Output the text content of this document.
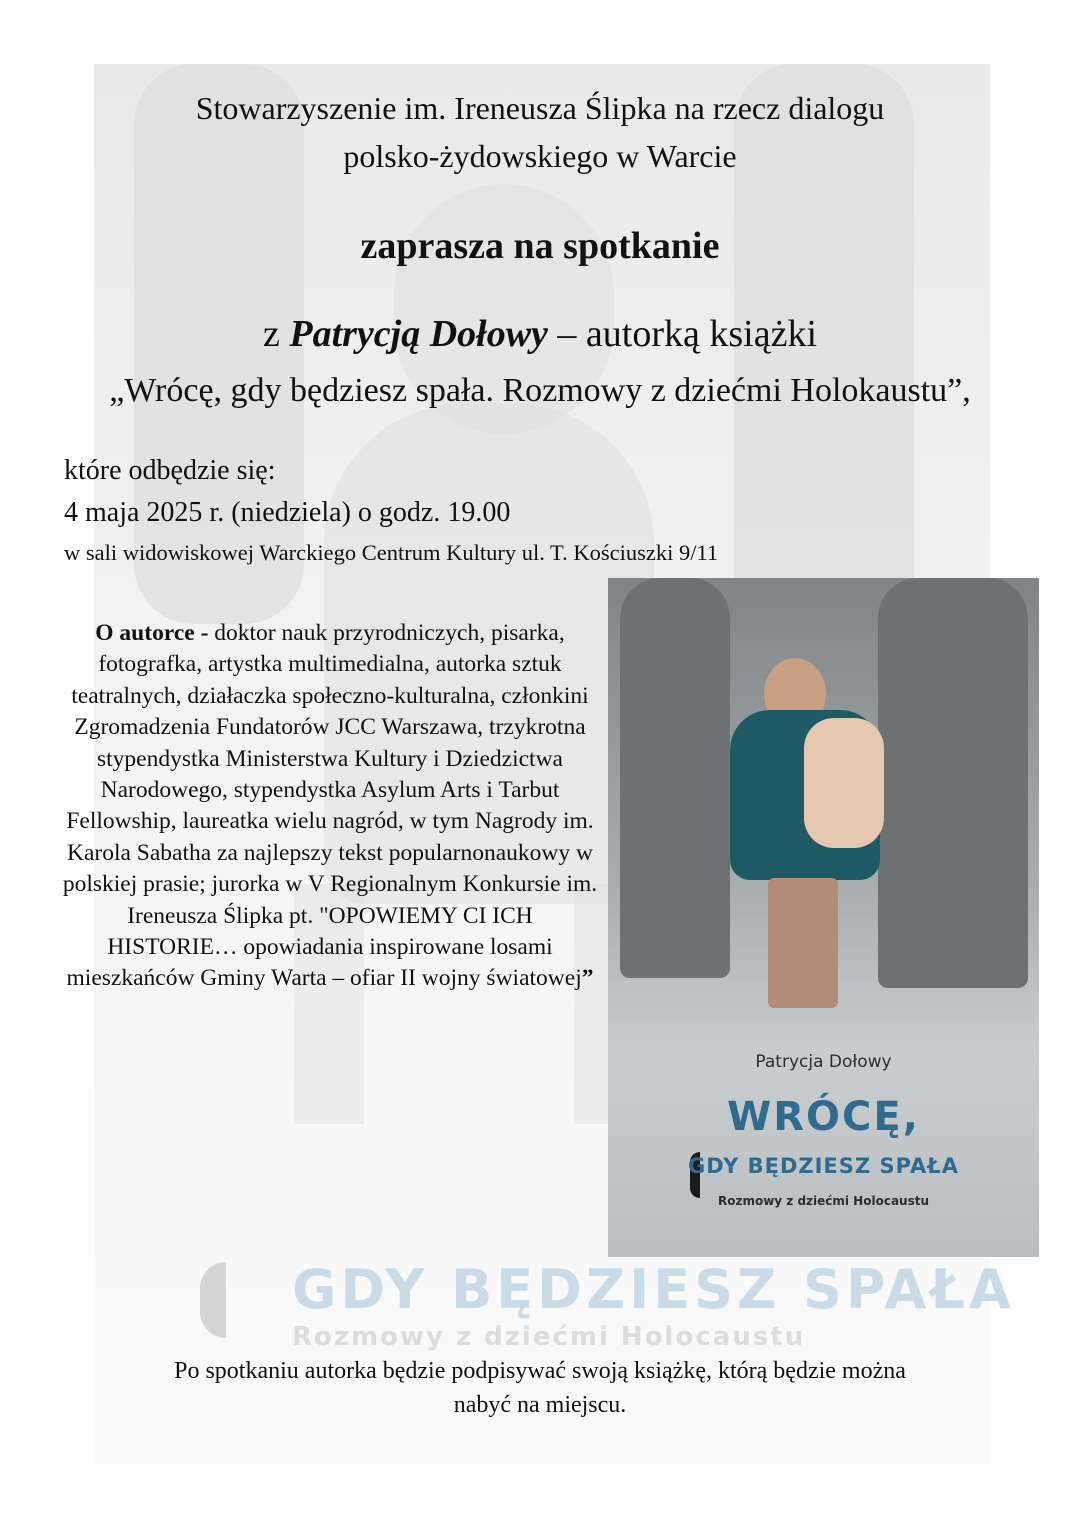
GDY BĘDZIESZ SPAŁA
Rozmowy z dziećmi Holocaustu
Stowarzyszenie im. Ireneusza Ślipka na rzecz dialogu
polsko-żydowskiego w Warcie
zaprasza na spotkanie
z Patrycją Dołowy – autorką książki
„Wrócę, gdy będziesz spała. Rozmowy z dziećmi Holokaustu”,
które odbędzie się:
4 maja 2025 r. (niedziela) o godz. 19.00
w sali widowiskowej Warckiego Centrum Kultury ul. T. Kościuszki 9/11

O autorce - doktor nauk przyrodniczych, pisarka, fotografka, artystka multimedialna, autorka sztuk teatralnych, działaczka społeczno-kulturalna, członkini Zgromadzenia Fundatorów JCC Warszawa, trzykrotna stypendystka Ministerstwa Kultury i Dziedzictwa Narodowego, stypendystka Asylum Arts i Tarbut Fellowship, laureatka wielu nagród, w tym Nagrody im. Karola Sabatha za najlepszy tekst popularnonaukowy w polskiej prasie; jurorka w V Regionalnym Konkursie im. Ireneusza Ślipka pt. "OPOWIEMY CI ICH HISTORIE… opowiadania inspirowane losami mieszkańców Gminy Warta – ofiar II wojny światowej”

Patrycja Dołowy
WRÓCĘ,
GDY BĘDZIESZ SPAŁA
Rozmowy z dziećmi Holocaustu
Po spotkaniu autorka będzie podpisywać swoją książkę, którą będzie można
nabyć na miejscu.
